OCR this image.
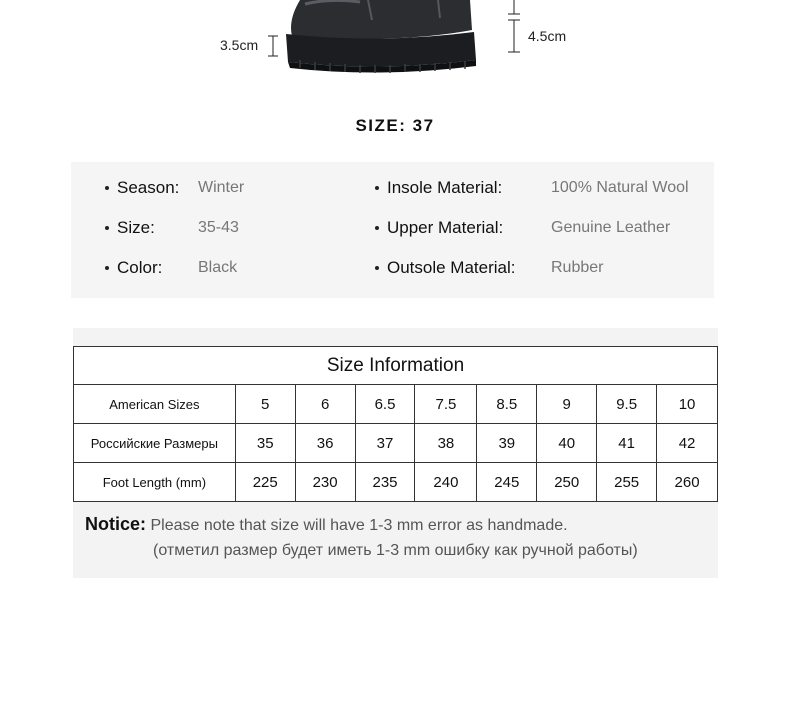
3.5cm
4.5cm
SIZE: 37
Season: Winter
Size:	35-43
Color: Black
Insole Material:	100% Natural Wool
Upper Material:	Genuine Leather
Outsole Material: Rubber
Size Information								
American Sizes	5	6	6.5	7.5	8.5	9	9.5	10
Российские Размеры	35	36	37	38	39	40	41	42
Foot Length (mm)	225	230	235	240	245	250	255	260
Notice: Please note that size will have 1-3 mm error as handmade.
(отметил размер будет иметь 1-3 mm ошибку как ручной работы)
